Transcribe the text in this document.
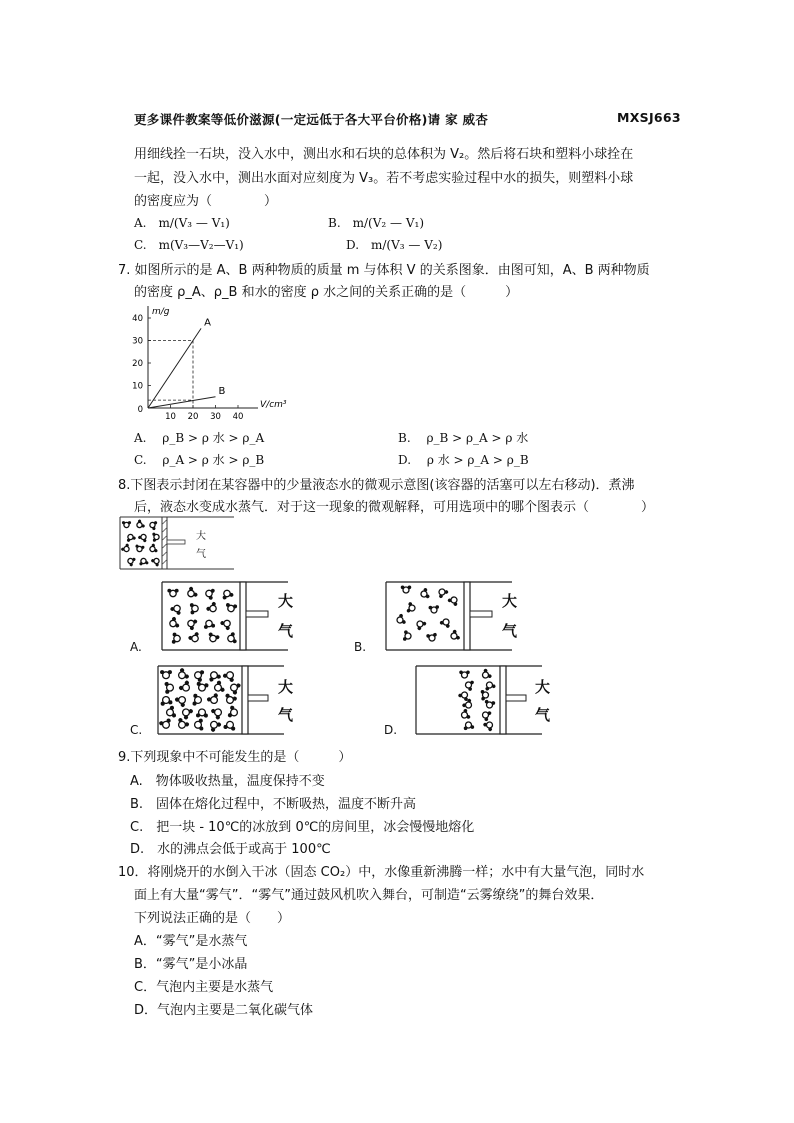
更多课件教案等低价滋源(一定远低于各大平台价格)请 家 威杏	MXSJ663
用细线拴一石块，没入水中，测出水和石块的总体积为 V₂。然后将石块和塑料小球拴在
一起，没入水中，测出水面对应刻度为 V₃。若不考虑实验过程中水的损失，则塑料小球
的密度应为（　　　　）
A.　m/(V₃ — V₁)	B.　m/(V₂ — V₁)
C.　m(V₃—V₂—V₁)	D.　m/(V₃ — V₂)
7. 如图所示的是 A、B 两种物质的质量 m 与体积 V 的关系图象．由图可知，A、B 两种物质
的密度 ρ_A、ρ_B 和水的密度 ρ 水之间的关系正确的是（　　　）
10 20 30 40
10
20
30
40
0
m/g
V/cm³
A
B
A.　 ρ_B > ρ 水 > ρ_A	B.　 ρ_B > ρ_A > ρ 水
C.　 ρ_A > ρ 水 > ρ_B	D.　 ρ 水 > ρ_A > ρ_B
8.下图表示封闭在某容器中的少量液态水的微观示意图(该容器的活塞可以左右移动)．煮沸
后，液态水变成水蒸气．对于这一现象的微观解释，可用选项中的哪个图表示（　　　　）
大
气
A.
大
气
B.
大
气
C.
大
气
D.
大
气
9.下列现象中不可能发生的是（　　　）
A.　物体吸收热量，温度保持不变
B.　固体在熔化过程中，不断吸热，温度不断升高
C.　把一块 - 10℃的冰放到 0℃的房间里，冰会慢慢地熔化
D.　水的沸点会低于或高于 100℃
10．将刚烧开的水倒入干冰（固态 CO₂）中，水像重新沸腾一样；水中有大量气泡，同时水
面上有大量“雾气”．“雾气”通过鼓风机吹入舞台，可制造“云雾缭绕”的舞台效果．
下列说法正确的是（　　）
A．“雾气”是水蒸气
B．“雾气”是小冰晶
C．气泡内主要是水蒸气
D．气泡内主要是二氧化碳气体
